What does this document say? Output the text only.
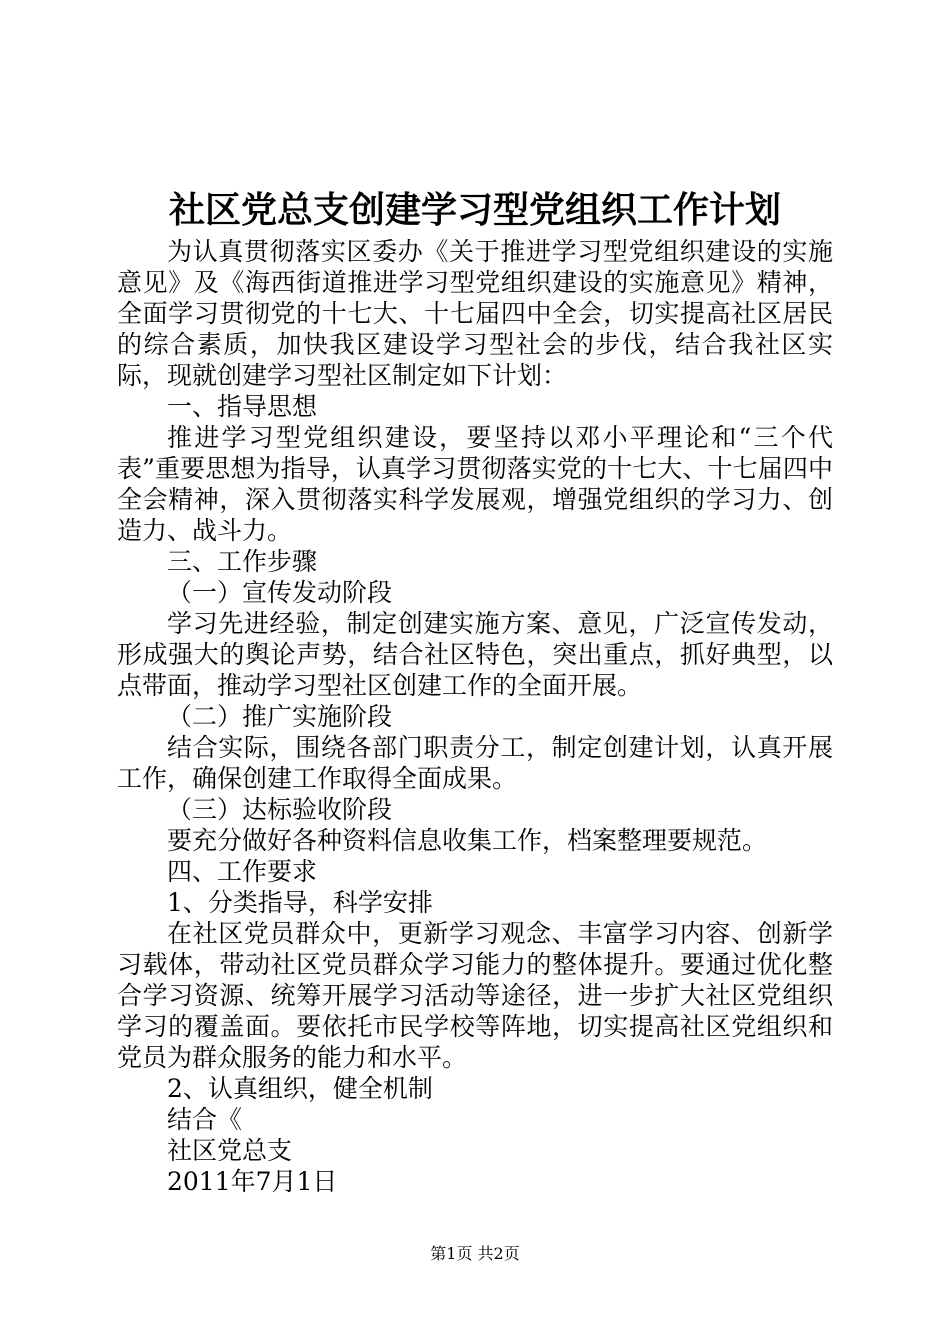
社区党总支创建学习型党组织工作计划

为认真贯彻落实区委办《关于推进学习型党组织建设的实施意见》及《海西街道推进学习型党组织建设的实施意见》精神，全面学习贯彻党的十七大、十七届四中全会，切实提高社区居民的综合素质，加快我区建设学习型社会的步伐，结合我社区实际，现就创建学习型社区制定如下计划：

一、指导思想

推进学习型党组织建设，要坚持以邓小平理论和“三个代表”重要思想为指导，认真学习贯彻落实党的十七大、十七届四中全会精神，深入贯彻落实科学发展观，增强党组织的学习力、创造力、战斗力。

三、工作步骤

（一）宣传发动阶段

学习先进经验，制定创建实施方案、意见，广泛宣传发动，形成强大的舆论声势，结合社区特色，突出重点，抓好典型，以点带面，推动学习型社区创建工作的全面开展。

（二）推广实施阶段

结合实际，围绕各部门职责分工，制定创建计划，认真开展工作，确保创建工作取得全面成果。

（三）达标验收阶段

要充分做好各种资料信息收集工作，档案整理要规范。

四、工作要求

1、分类指导，科学安排

在社区党员群众中，更新学习观念、丰富学习内容、创新学习载体，带动社区党员群众学习能力的整体提升。要通过优化整合学习资源、统筹开展学习活动等途径，进一步扩大社区党组织学习的覆盖面。要依托市民学校等阵地，切实提高社区党组织和党员为群众服务的能力和水平。

2、认真组织，健全机制

结合《

社区党总支

2011年7月1日

第1页 共2页
